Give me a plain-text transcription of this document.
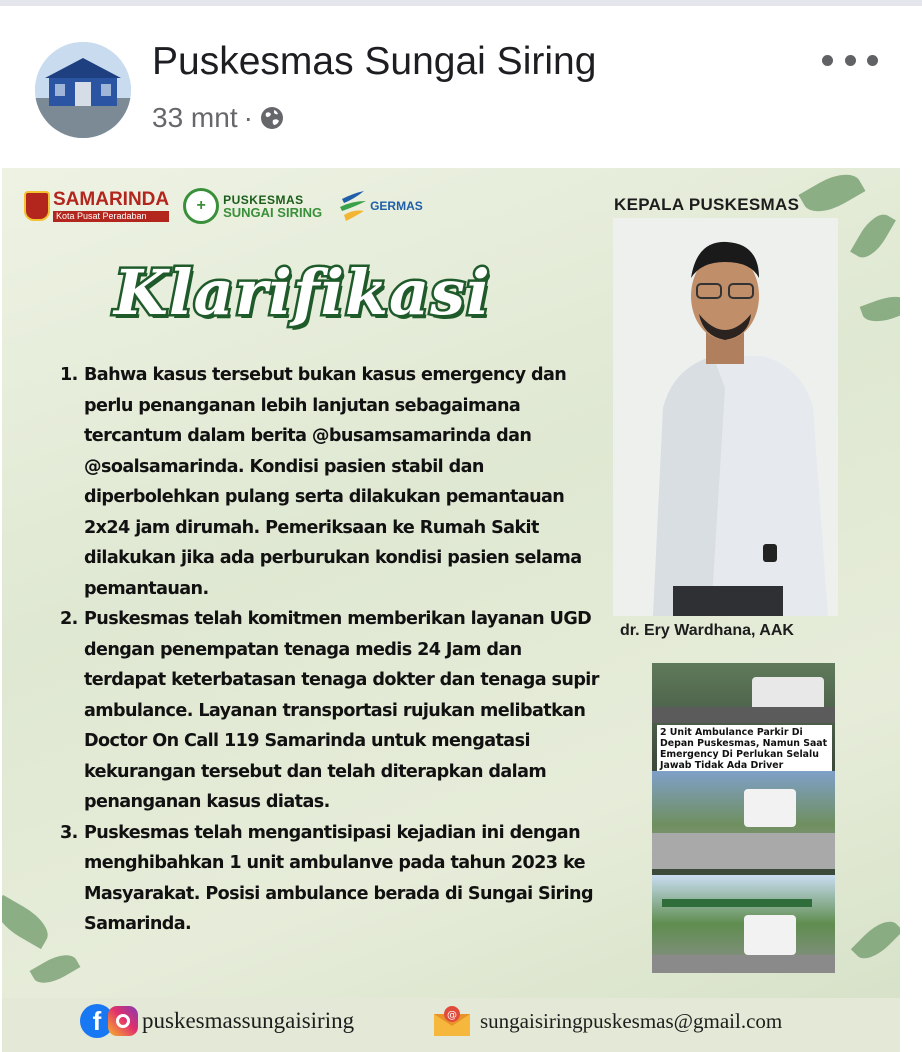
Puskesmas Sungai Siring
33 mnt ·
SAMARINDA
Kota Pusat Peradaban
+	PUSKESMAS
SUNGAI SIRING	GERMAS
Klarifikasi
1. Bahwa kasus tersebut bukan kasus emergency dan perlu penanganan lebih lanjutan sebagaimana tercantum dalam berita @busamsamarinda dan @soalsamarinda. Kondisi pasien stabil dan diperbolehkan pulang serta dilakukan pemantauan 2x24 jam dirumah. Pemeriksaan ke Rumah Sakit dilakukan jika ada perburukan kondisi pasien selama pemantauan.
2. Puskesmas telah komitmen memberikan layanan UGD dengan penempatan tenaga medis 24 Jam dan terdapat keterbatasan tenaga dokter dan tenaga supir ambulance. Layanan transportasi rujukan melibatkan Doctor On Call 119 Samarinda untuk mengatasi kekurangan tersebut dan telah diterapkan dalam penanganan kasus diatas.
3. Puskesmas telah mengantisipasi kejadian ini dengan menghibahkan 1 unit ambulanve pada tahun 2023 ke Masyarakat. Posisi ambulance berada di Sungai Siring Samarinda.
KEPALA PUSKESMAS
dr. Ery Wardhana, AAK
2 Unit Ambulance Parkir Di Depan Puskesmas, Namun Saat Emergency Di Perlukan Selalu Jawab Tidak Ada Driver
f	puskesmassungaisiring	@ sungaisiringpuskesmas@gmail.com
